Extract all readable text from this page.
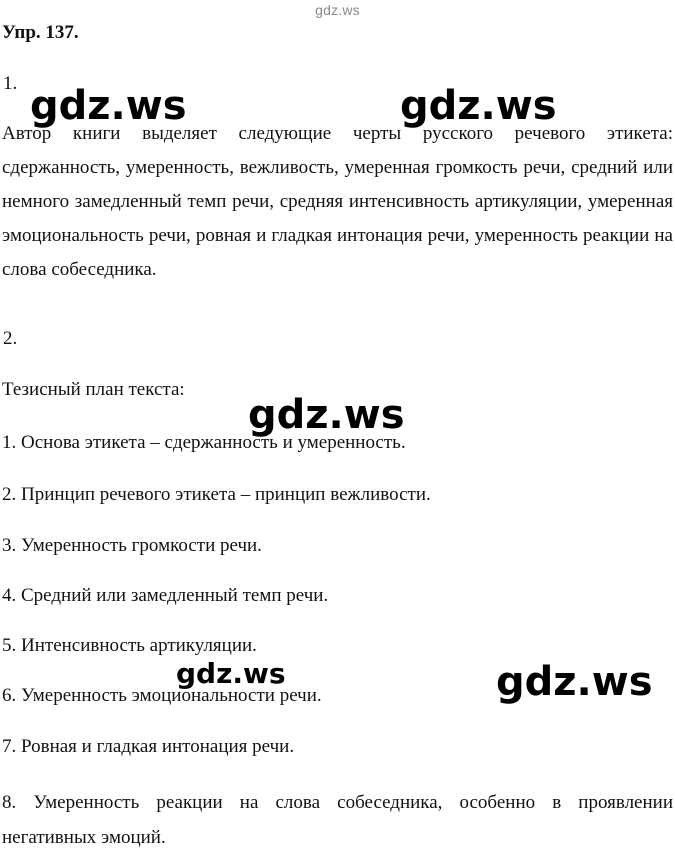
gdz.ws
Упр. 137.
1.
Автор книги выделяет следующие черты русского речевого этикета: сдержанность, умеренность, вежливость, умеренная громкость речи, средний или немного замедленный темп речи, средняя интенсивность артикуляции, умеренная эмоциональность речи, ровная и гладкая интонация речи, умеренность реакции на слова собеседника.
2.
Тезисный план текста:
1. Основа этикета – сдержанность и умеренность.
2. Принцип речевого этикета – принцип вежливости.
3. Умеренность громкости речи.
4. Средний или замедленный темп речи.
5. Интенсивность артикуляции.
6. Умеренность эмоциональности речи.
7. Ровная и гладкая интонация речи.
8. Умеренность реакции на слова собеседника, особенно в проявлении негативных эмоций.
gdz.ws	gdz.ws
gdz.ws
gdz.ws	gdz.ws
